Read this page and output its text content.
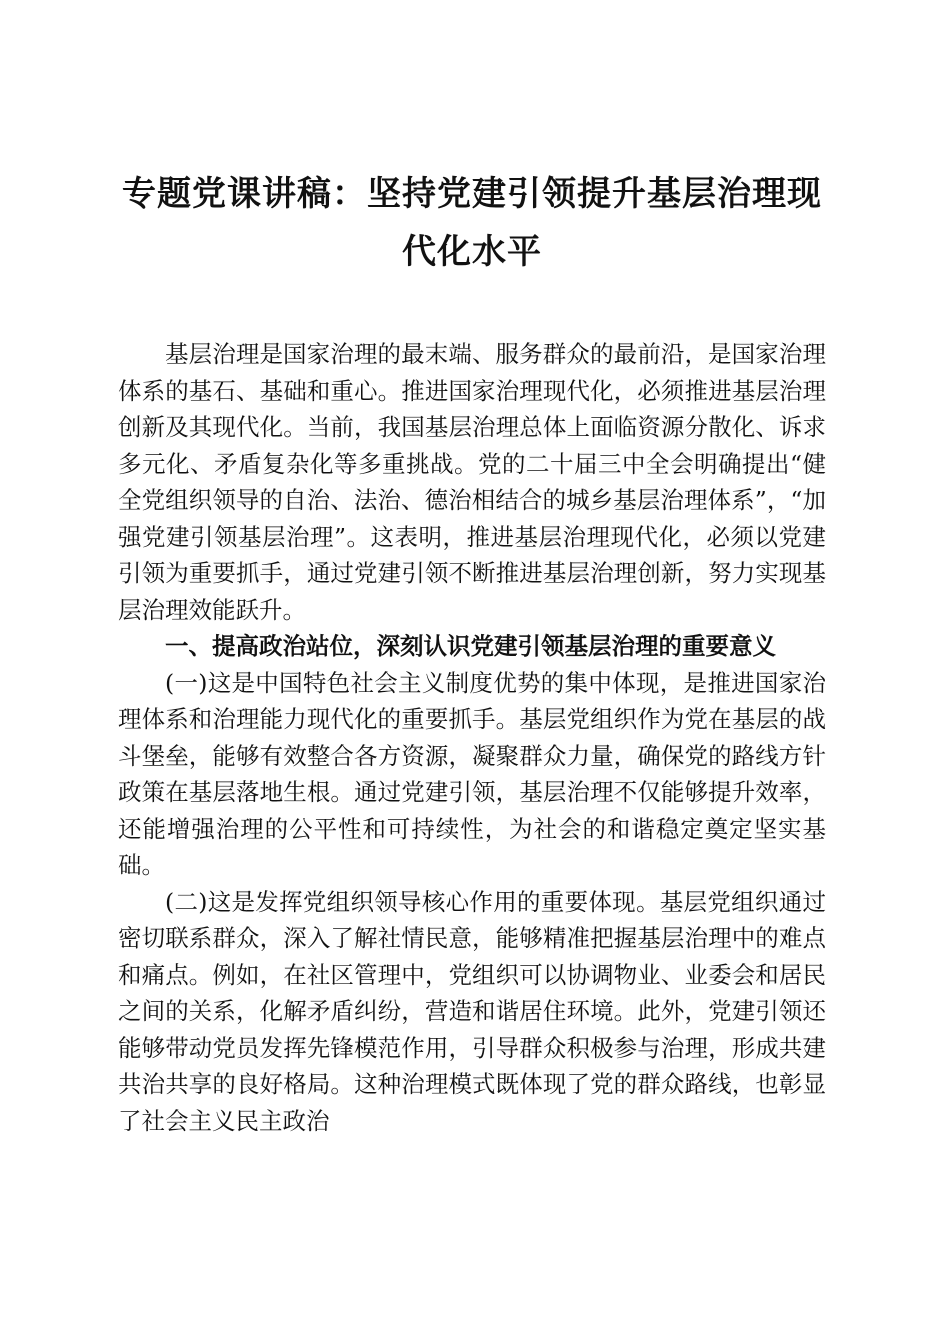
专题党课讲稿：坚持党建引领提升基层治理现代化水平

基层治理是国家治理的最末端、服务群众的最前沿，是国家治理体系的基石、基础和重心。推进国家治理现代化，必须推进基层治理创新及其现代化。当前，我国基层治理总体上面临资源分散化、诉求多元化、矛盾复杂化等多重挑战。党的二十届三中全会明确提出“健全党组织领导的自治、法治、德治相结合的城乡基层治理体系”，“加强党建引领基层治理”。这表明，推进基层治理现代化，必须以党建引领为重要抓手，通过党建引领不断推进基层治理创新，努力实现基层治理效能跃升。

一、提高政治站位，深刻认识党建引领基层治理的重要意义

(一)这是中国特色社会主义制度优势的集中体现，是推进国家治理体系和治理能力现代化的重要抓手。基层党组织作为党在基层的战斗堡垒，能够有效整合各方资源，凝聚群众力量，确保党的路线方针政策在基层落地生根。通过党建引领，基层治理不仅能够提升效率，还能增强治理的公平性和可持续性，为社会的和谐稳定奠定坚实基础。

(二)这是发挥党组织领导核心作用的重要体现。基层党组织通过密切联系群众，深入了解社情民意，能够精准把握基层治理中的难点和痛点。例如，在社区管理中，党组织可以协调物业、业委会和居民之间的关系，化解矛盾纠纷，营造和谐居住环境。此外，党建引领还能够带动党员发挥先锋模范作用，引导群众积极参与治理，形成共建共治共享的良好格局。这种治理模式既体现了党的群众路线，也彰显了社会主义民主政治
